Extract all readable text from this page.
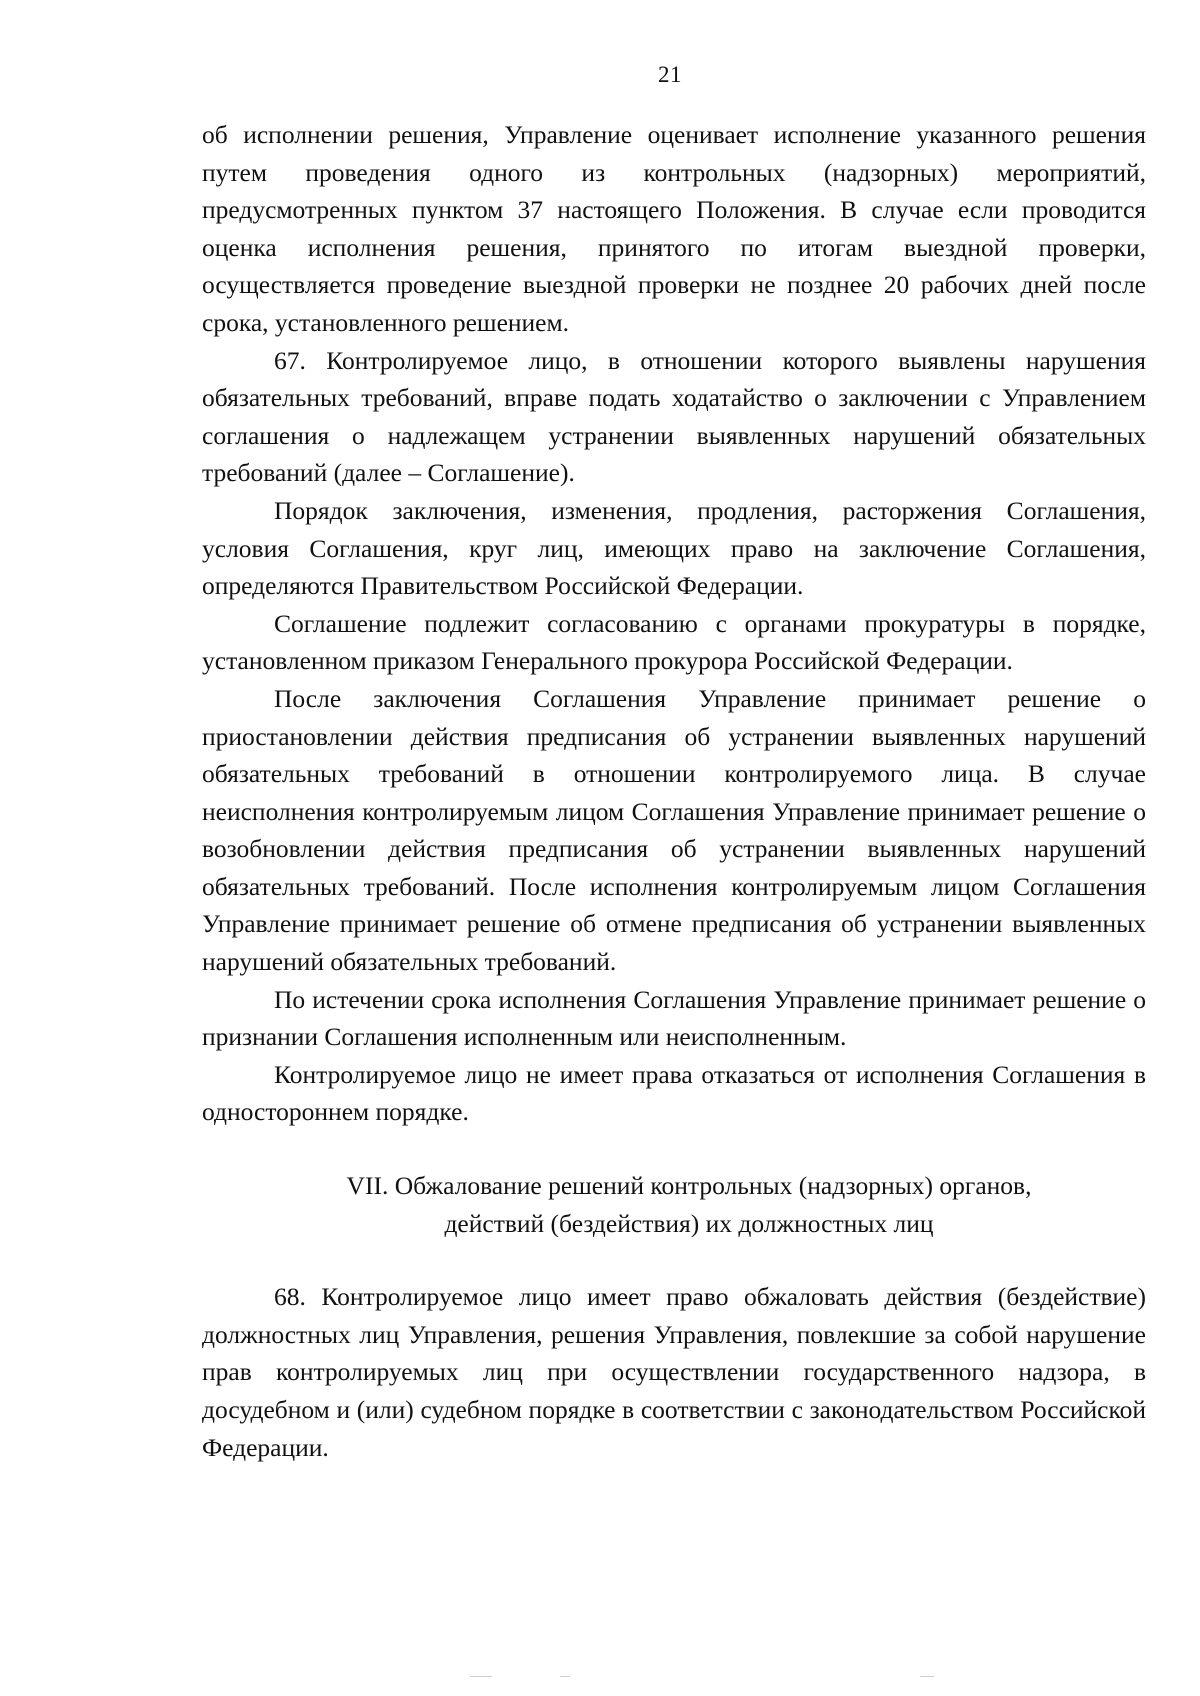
21

об исполнении решения, Управление оценивает исполнение указанного решения путем проведения одного из контрольных (надзорных) мероприятий, предусмотренных пунктом 37 настоящего Положения. В случае если проводится оценка исполнения решения, принятого по итогам выездной проверки, осуществляется проведение выездной проверки не позднее 20 рабочих дней после срока, установленного решением.

67. Контролируемое лицо, в отношении которого выявлены нарушения обязательных требований, вправе подать ходатайство о заключении с Управлением соглашения о надлежащем устранении выявленных нарушений обязательных требований (далее – Соглашение).

Порядок заключения, изменения, продления, расторжения Соглашения, условия Соглашения, круг лиц, имеющих право на заключение Соглашения, определяются Правительством Российской Федерации.

Соглашение подлежит согласованию с органами прокуратуры в порядке, установленном приказом Генерального прокурора Российской Федерации.

После заключения Соглашения Управление принимает решение о приостановлении действия предписания об устранении выявленных нарушений обязательных требований в отношении контролируемого лица. В случае неисполнения контролируемым лицом Соглашения Управление принимает решение о возобновлении действия предписания об устранении выявленных нарушений обязательных требований. После исполнения контролируемым лицом Соглашения Управление принимает решение об отмене предписания об устранении выявленных нарушений обязательных требований.

По истечении срока исполнения Соглашения Управление принимает решение о признании Соглашения исполненным или неисполненным.

Контролируемое лицо не имеет права отказаться от исполнения Соглашения в одностороннем порядке.

VII. Обжалование решений контрольных (надзорных) органов,
действий (бездействия) их должностных лиц

68. Контролируемое лицо имеет право обжаловать действия (бездействие) должностных лиц Управления, решения Управления, повлекшие за собой нарушение прав контролируемых лиц при осуществлении государственного надзора, в досудебном и (или) судебном порядке в соответствии с законодательством Российской Федерации.
